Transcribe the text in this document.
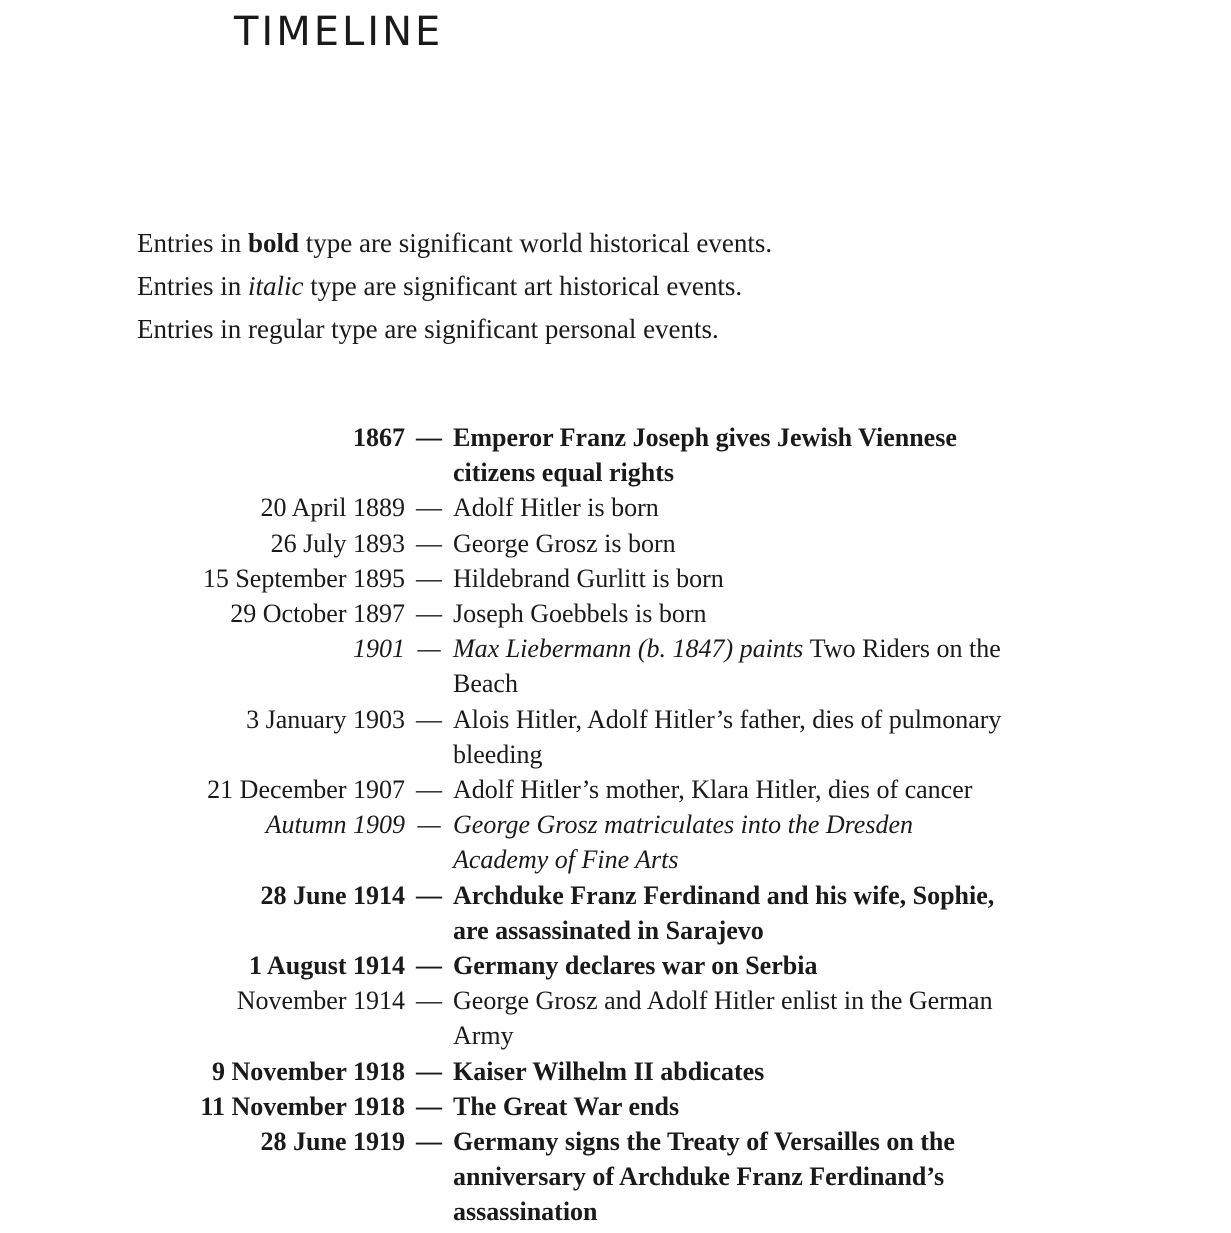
TIMELINE
Entries in bold type are significant world historical events.
Entries in italic type are significant art historical events.
Entries in regular type are significant personal events.
1867 — Emperor Franz Joseph gives Jewish Viennese citizens equal rights
20 April 1889 — Adolf Hitler is born
26 July 1893 — George Grosz is born
15 September 1895 — Hildebrand Gurlitt is born
29 October 1897 — Joseph Goebbels is born
1901 — Max Liebermann (b. 1847) paints Two Riders on the Beach
3 January 1903 — Alois Hitler, Adolf Hitler’s father, dies of pulmonary bleeding
21 December 1907 — Adolf Hitler’s mother, Klara Hitler, dies of cancer
Autumn 1909 — George Grosz matriculates into the Dresden Academy of Fine Arts
28 June 1914 — Archduke Franz Ferdinand and his wife, Sophie, are assassinated in Sarajevo
1 August 1914 — Germany declares war on Serbia
November 1914 — George Grosz and Adolf Hitler enlist in the German Army
9 November 1918 — Kaiser Wilhelm II abdicates
11 November 1918 — The Great War ends
28 June 1919 — Germany signs the Treaty of Versailles on the anniversary of Archduke Franz Ferdinand’s assassination
